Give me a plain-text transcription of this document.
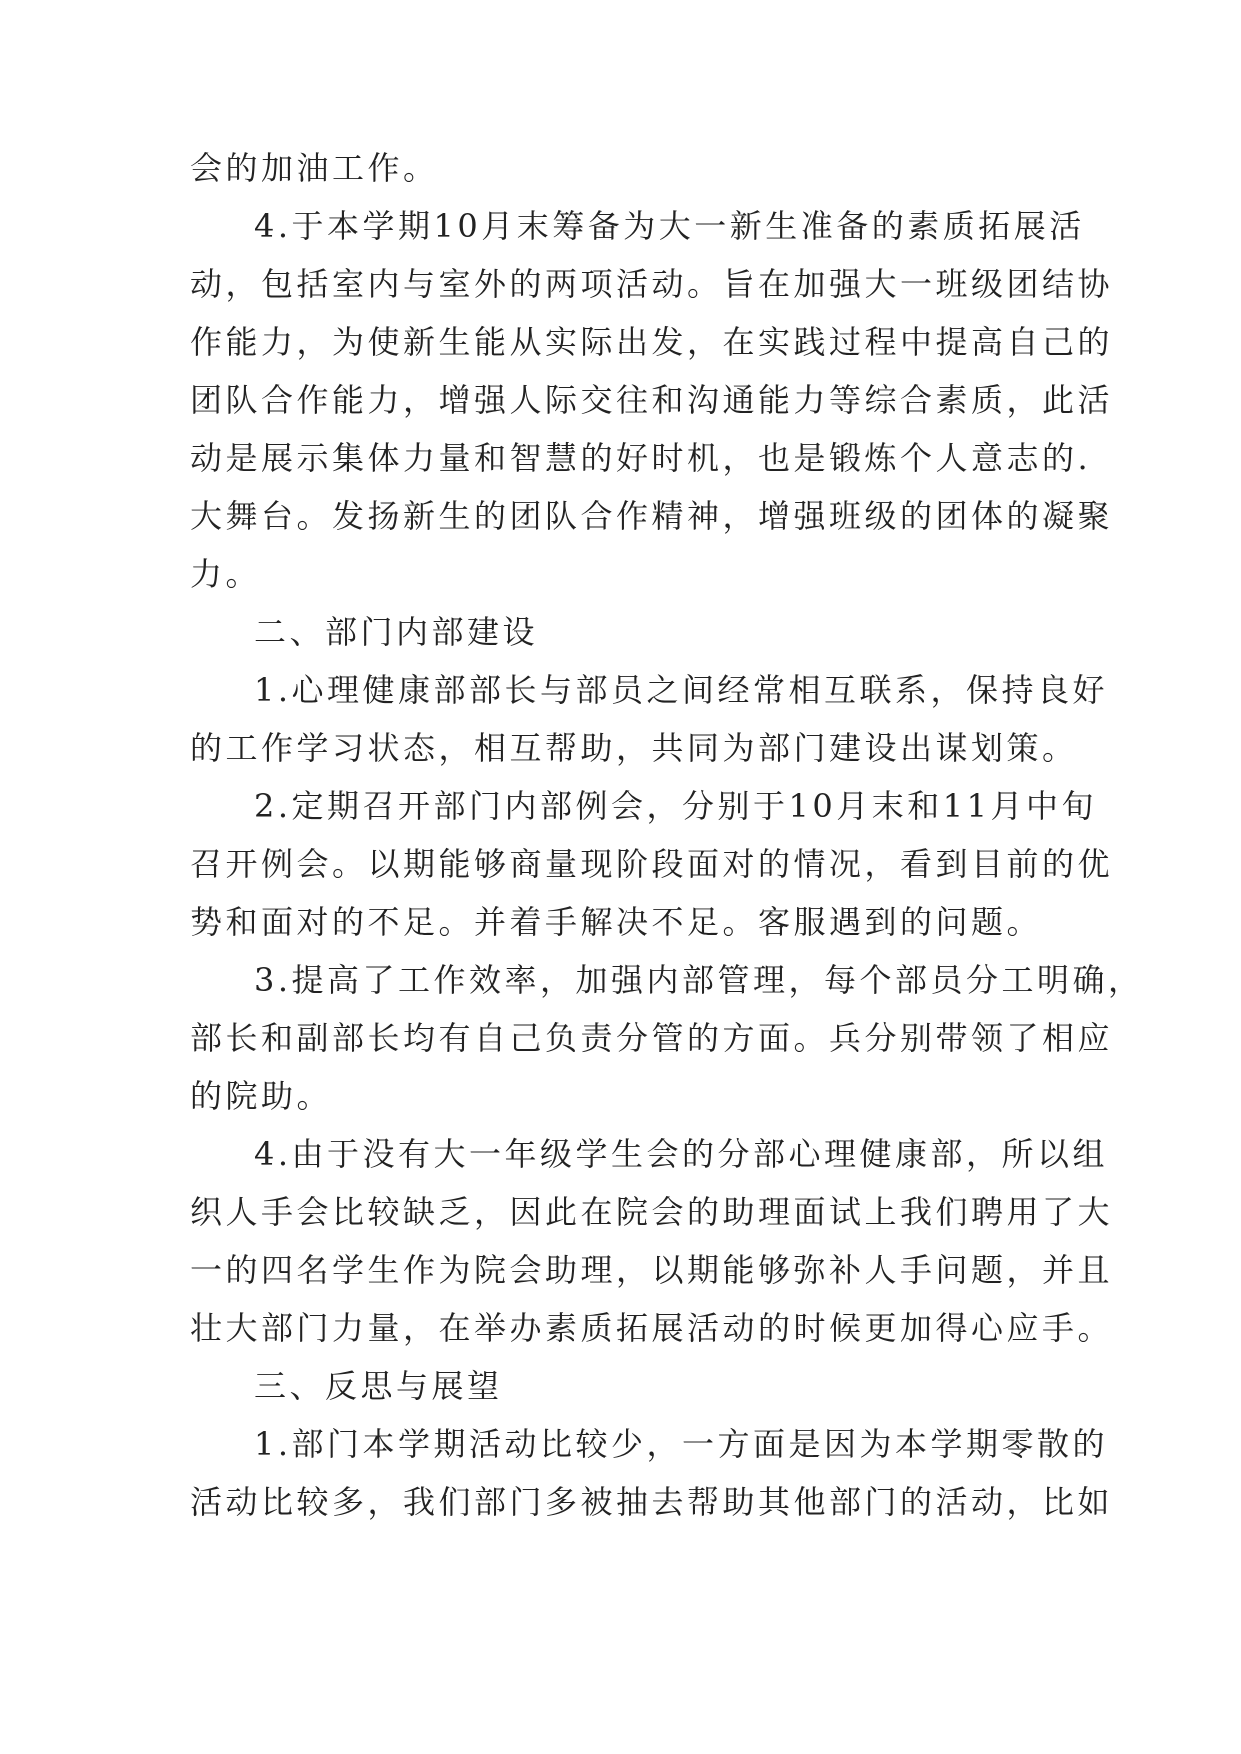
会的加油工作。
4.于本学期10月末筹备为大一新生准备的素质拓展活
动，包括室内与室外的两项活动。旨在加强大一班级团结协
作能力，为使新生能从实际出发，在实践过程中提高自己的
团队合作能力，增强人际交往和沟通能力等综合素质，此活
动是展示集体力量和智慧的好时机，也是锻炼个人意志的.
大舞台。发扬新生的团队合作精神，增强班级的团体的凝聚
力。
二、部门内部建设
1.心理健康部部长与部员之间经常相互联系，保持良好
的工作学习状态，相互帮助，共同为部门建设出谋划策。
2.定期召开部门内部例会，分别于10月末和11月中旬
召开例会。以期能够商量现阶段面对的情况，看到目前的优
势和面对的不足。并着手解决不足。客服遇到的问题。
3.提高了工作效率，加强内部管理，每个部员分工明确，
部长和副部长均有自己负责分管的方面。兵分别带领了相应
的院助。
4.由于没有大一年级学生会的分部心理健康部，所以组
织人手会比较缺乏，因此在院会的助理面试上我们聘用了大
一的四名学生作为院会助理，以期能够弥补人手问题，并且
壮大部门力量，在举办素质拓展活动的时候更加得心应手。
三、反思与展望
1.部门本学期活动比较少，一方面是因为本学期零散的
活动比较多，我们部门多被抽去帮助其他部门的活动，比如
